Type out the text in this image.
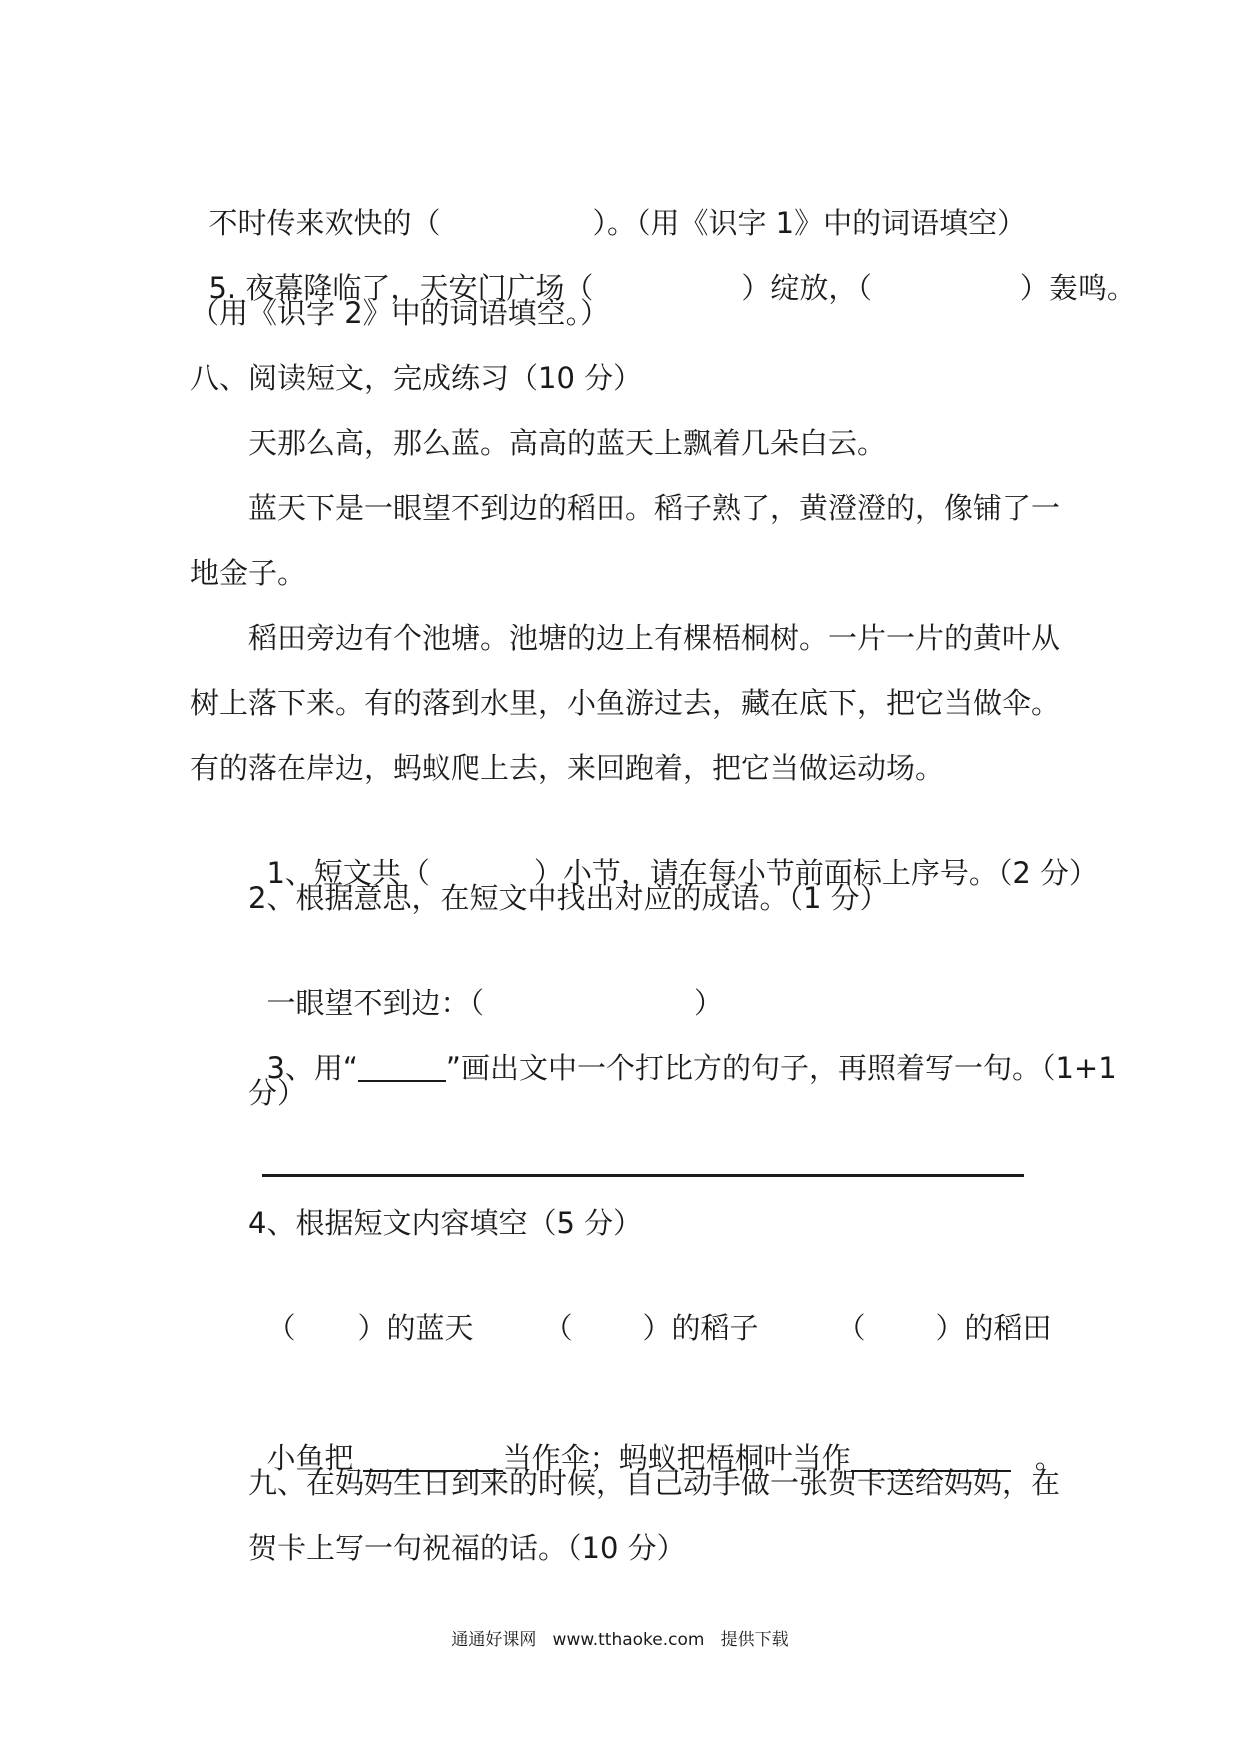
不时传来欢快的（	）。（用《识字 1》中的词语填空）

5. 夜幕降临了，天安门广场（	）绽放，（	）轰鸣。

（用《识字 2》中的词语填空。）
八、阅读短文，完成练习（10 分）
天那么高，那么蓝。高高的蓝天上飘着几朵白云。
蓝天下是一眼望不到边的稻田。稻子熟了，黄澄澄的，像铺了一
地金子。
稻田旁边有个池塘。池塘的边上有棵梧桐树。一片一片的黄叶从
树上落下来。有的落到水里，小鱼游过去，藏在底下，把它当做伞。
有的落在岸边，蚂蚁爬上去，来回跑着，把它当做运动场。

1、短文共（	）小节，请在每小节前面标上序号。（2 分）

2、根据意思，在短文中找出对应的成语。（1 分）

一眼望不到边：（	）

3、用“	”画出文中一个打比方的句子，再照着写一句。（1+1

分）
4、根据短文内容填空（5 分）

（ ）的蓝天 （ ）的稻子	（ ）的稻田

小鱼把	当作伞；蚂蚁把梧桐叶当作	。

九、在妈妈生日到来的时候，自己动手做一张贺卡送给妈妈，在
贺卡上写一句祝福的话。（10 分）
通通好课网   www.tthaoke.com   提供下载
